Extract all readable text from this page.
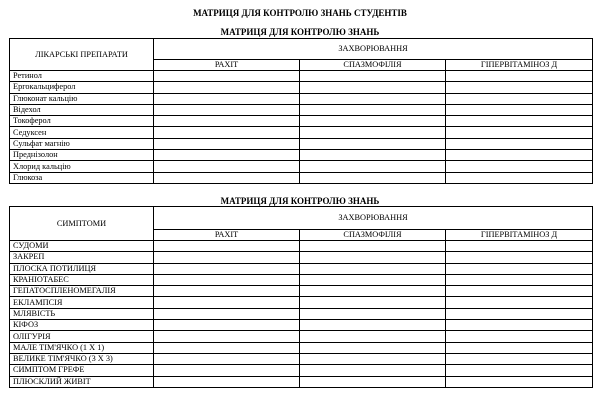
МАТРИЦЯ ДЛЯ КОНТРОЛЮ ЗНАНЬ СТУДЕНТІВ
МАТРИЦЯ ДЛЯ КОНТРОЛЮ ЗНАНЬ
ЛІКАРСЬКІ ПРЕПАРАТИ	ЗАХВОРЮВАННЯ		
	РАХІТ	СПАЗМОФІЛІЯ	ГІПЕРВІТАМІНОЗ Д
Ретинол			
Ергокальциферол			
Глюконат кальцію			
Відехол			
Токоферол			
Седуксен			
Сульфат магнію			
Преднізолон			
Хлорид кальцію			
Глюкоза			
МАТРИЦЯ ДЛЯ КОНТРОЛЮ ЗНАНЬ
СИМПТОМИ	ЗАХВОРЮВАННЯ		
	РАХІТ	СПАЗМОФІЛІЯ	ГІПЕРВІТАМІНОЗ Д
СУДОМИ			
ЗАКРЕП			
ПЛОСКА ПОТИЛИЦЯ			
КРАНІОТАБЕС			
ГЕПАТОСПЛЕНОМЕГАЛІЯ			
ЕКЛАМПСІЯ			
МЛЯВІСТЬ			
КІФОЗ			
ОЛІГУРІЯ			
МАЛЕ ТІМ'ЯЧКО (1 Х 1)			
ВЕЛИКЕ ТІМ'ЯЧКО (3 Х 3)			
СИМПТОМ ГРЕФЕ			
ПЛЮСКЛИЙ ЖИВІТ			
